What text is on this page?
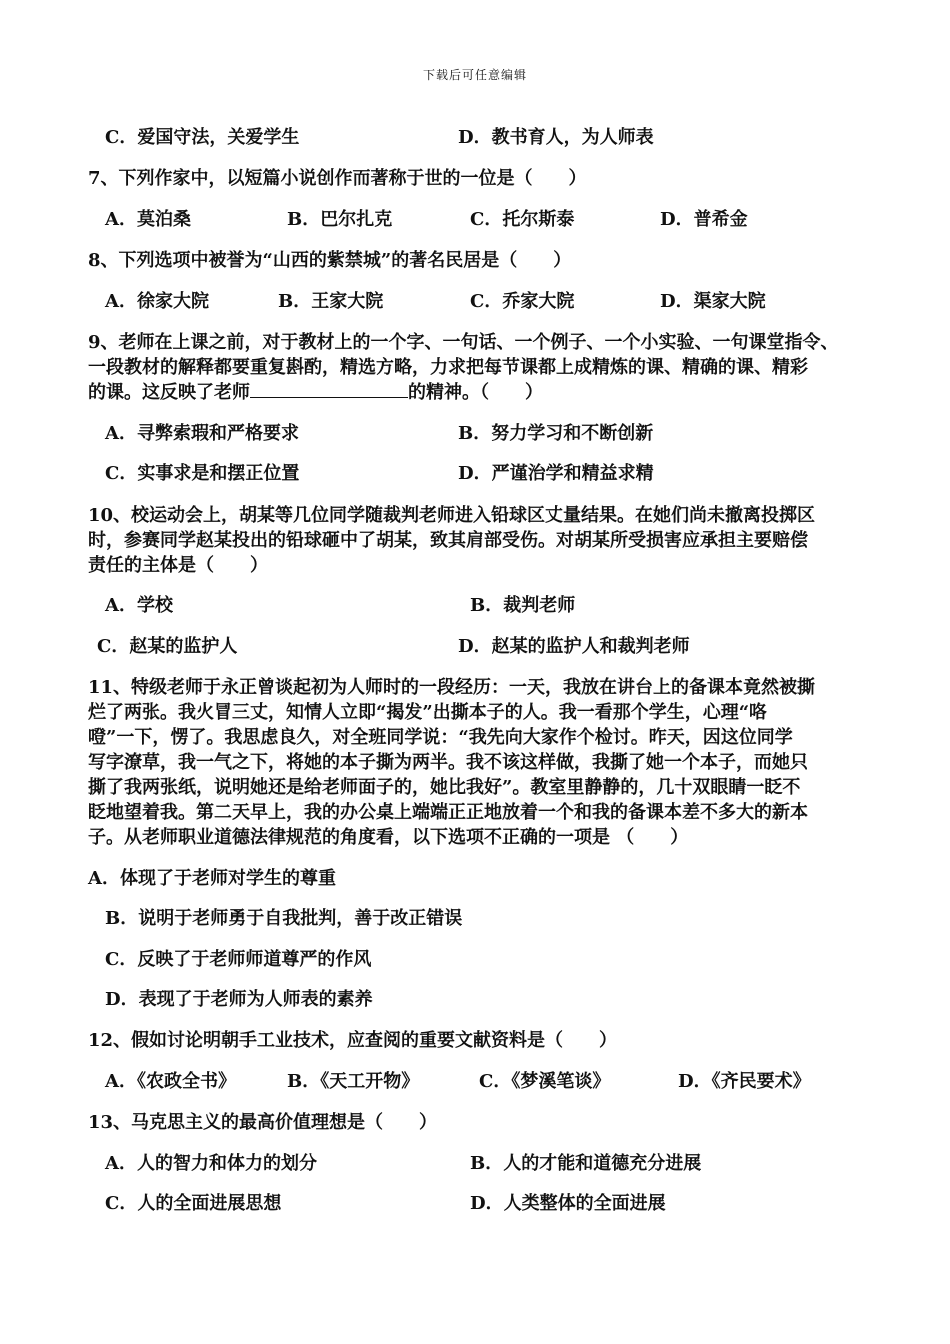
下载后可任意编辑
C．爱国守法，关爱学生	D．教书育人，为人师表
7、下列作家中，以短篇小说创作而著称于世的一位是（　　）
A．莫泊桑	B．巴尔扎克	C．托尔斯泰	D．普希金
8、下列选项中被誉为“山西的紫禁城”的著名民居是（　　）
A．徐家大院	B．王家大院	C．乔家大院	D．渠家大院
9、老师在上课之前，对于教材上的一个字、一句话、一个例子、一个小实验、一句课堂指令、
一段教材的解释都要重复斟酌，精选方略，力求把每节课都上成精炼的课、精确的课、精彩
的课。这反映了老师	的精神。（　　）
A．寻弊索瑕和严格要求	B．努力学习和不断创新
C．实事求是和摆正位置	D．严谨治学和精益求精
10、校运动会上，胡某等几位同学随裁判老师进入铅球区丈量结果。在她们尚未撤离投掷区
时，参赛同学赵某投出的铅球砸中了胡某，致其肩部受伤。对胡某所受损害应承担主要赔偿
责任的主体是（　　）
A．学校	B．裁判老师
C．赵某的监护人	D．赵某的监护人和裁判老师
11、特级老师于永正曾谈起初为人师时的一段经历：一天，我放在讲台上的备课本竟然被撕
烂了两张。我火冒三丈，知情人立即“揭发”出撕本子的人。我一看那个学生，心理“咯
噔”一下，愣了。我思虑良久，对全班同学说：“我先向大家作个检讨。昨天，因这位同学
写字潦草，我一气之下，将她的本子撕为两半。我不该这样做，我撕了她一个本子，而她只
撕了我两张纸，说明她还是给老师面子的，她比我好”。教室里静静的，几十双眼睛一眨不
眨地望着我。第二天早上，我的办公桌上端端正正地放着一个和我的备课本差不多大的新本
子。从老师职业道德法律规范的角度看，以下选项不正确的一项是 （　　）
A．体现了于老师对学生的尊重
B．说明于老师勇于自我批判，善于改正错误
C．反映了于老师师道尊严的作风
D．表现了于老师为人师表的素养
12、假如讨论明朝手工业技术，应查阅的重要文献资料是（　　）
A．《农政全书》	B．《天工开物》	C．《梦溪笔谈》	D．《齐民要术》
13、马克思主义的最高价值理想是（　　）
A．人的智力和体力的划分	B．人的才能和道德充分进展
C．人的全面进展思想	D．人类整体的全面进展
